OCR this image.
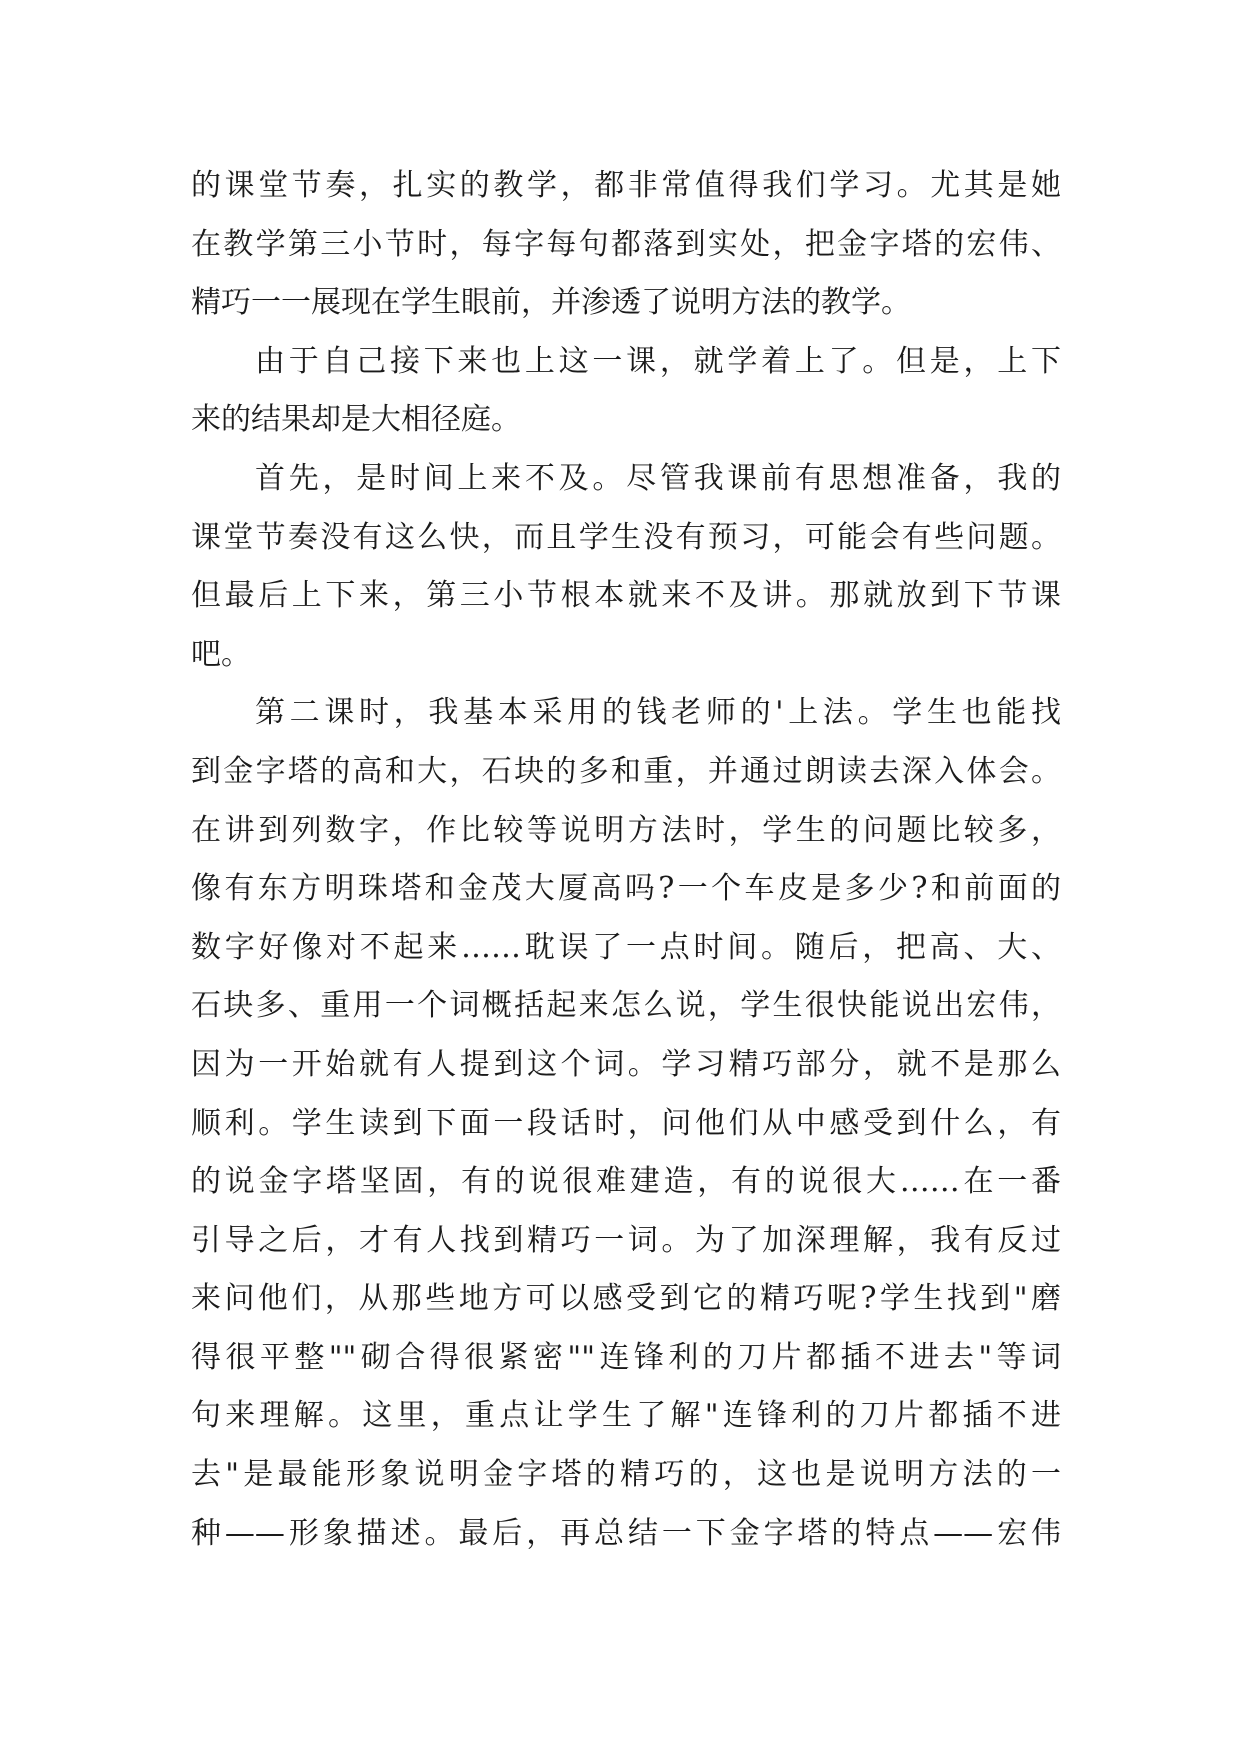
的课堂节奏，扎实的教学，都非常值得我们学习。尤其是她
在教学第三小节时，每字每句都落到实处，把金字塔的宏伟、
精巧一一展现在学生眼前，并渗透了说明方法的教学。
由于自己接下来也上这一课，就学着上了。但是，上下
来的结果却是大相径庭。
首先，是时间上来不及。尽管我课前有思想准备，我的
课堂节奏没有这么快，而且学生没有预习，可能会有些问题。
但最后上下来，第三小节根本就来不及讲。那就放到下节课
吧。
第二课时，我基本采用的钱老师的'上法。学生也能找
到金字塔的高和大，石块的多和重，并通过朗读去深入体会。
在讲到列数字，作比较等说明方法时，学生的问题比较多，
像有东方明珠塔和金茂大厦高吗?一个车皮是多少?和前面的
数字好像对不起来……耽误了一点时间。随后，把高、大、
石块多、重用一个词概括起来怎么说，学生很快能说出宏伟，
因为一开始就有人提到这个词。学习精巧部分，就不是那么
顺利。学生读到下面一段话时，问他们从中感受到什么，有
的说金字塔坚固，有的说很难建造，有的说很大……在一番
引导之后，才有人找到精巧一词。为了加深理解，我有反过
来问他们，从那些地方可以感受到它的精巧呢?学生找到"磨
得很平整""砌合得很紧密""连锋利的刀片都插不进去"等词
句来理解。这里，重点让学生了解"连锋利的刀片都插不进
去"是最能形象说明金字塔的精巧的，这也是说明方法的一
种——形象描述。最后，再总结一下金字塔的特点——宏伟
